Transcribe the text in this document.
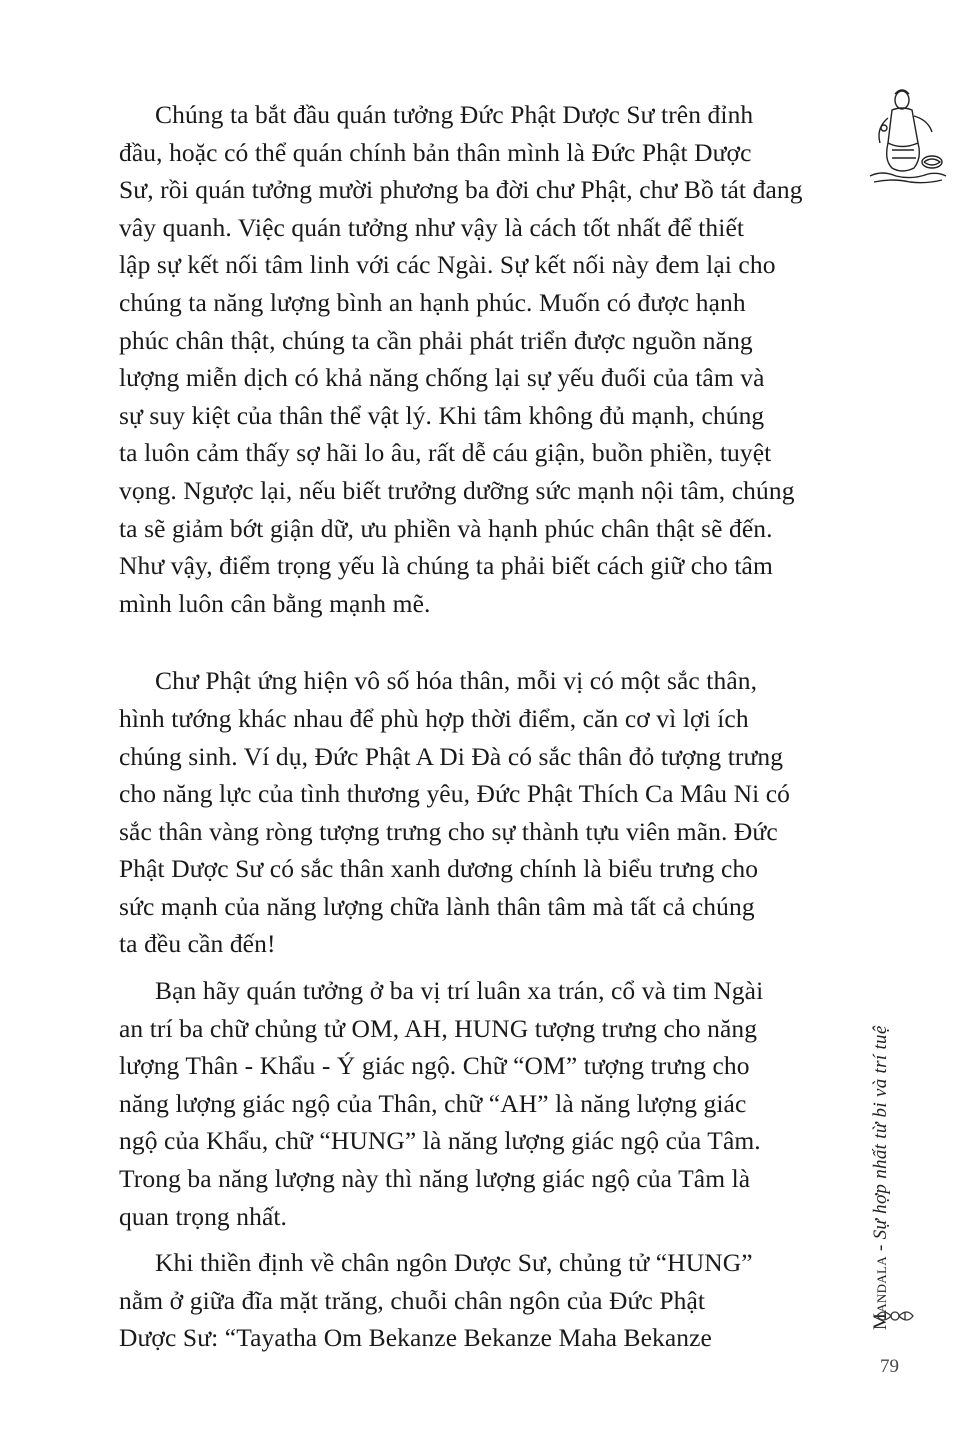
Chúng ta bắt đầu quán tưởng Đức Phật Dược Sư trên đỉnh
đầu, hoặc có thể quán chính bản thân mình là Đức Phật Dược
Sư, rồi quán tưởng mười phương ba đời chư Phật, chư Bồ tát đang
vây quanh. Việc quán tưởng như vậy là cách tốt nhất để thiết
lập sự kết nối tâm linh với các Ngài. Sự kết nối này đem lại cho
chúng ta năng lượng bình an hạnh phúc. Muốn có được hạnh
phúc chân thật, chúng ta cần phải phát triển được nguồn năng
lượng miễn dịch có khả năng chống lại sự yếu đuối của tâm và
sự suy kiệt của thân thể vật lý. Khi tâm không đủ mạnh, chúng
ta luôn cảm thấy sợ hãi lo âu, rất dễ cáu giận, buồn phiền, tuyệt
vọng. Ngược lại, nếu biết trưởng dưỡng sức mạnh nội tâm, chúng
ta sẽ giảm bớt giận dữ, ưu phiền và hạnh phúc chân thật sẽ đến.
Như vậy, điểm trọng yếu là chúng ta phải biết cách giữ cho tâm
mình luôn cân bằng mạnh mẽ.
Chư Phật ứng hiện vô số hóa thân, mỗi vị có một sắc thân,
hình tướng khác nhau để phù hợp thời điểm, căn cơ vì lợi ích
chúng sinh. Ví dụ, Đức Phật A Di Đà có sắc thân đỏ tượng trưng
cho năng lực của tình thương yêu, Đức Phật Thích Ca Mâu Ni có
sắc thân vàng ròng tượng trưng cho sự thành tựu viên mãn. Đức
Phật Dược Sư có sắc thân xanh dương chính là biểu trưng cho
sức mạnh của năng lượng chữa lành thân tâm mà tất cả chúng
ta đều cần đến!
Bạn hãy quán tưởng ở ba vị trí luân xa trán, cổ và tim Ngài
an trí ba chữ chủng tử OM, AH, HUNG tượng trưng cho năng
lượng Thân - Khẩu - Ý giác ngộ. Chữ “OM” tượng trưng cho
năng lượng giác ngộ của Thân, chữ “AH” là năng lượng giác
ngộ của Khẩu, chữ “HUNG” là năng lượng giác ngộ của Tâm.
Trong ba năng lượng này thì năng lượng giác ngộ của Tâm là
quan trọng nhất.
Khi thiền định về chân ngôn Dược Sư, chủng tử “HUNG”
nằm ở giữa đĩa mặt trăng, chuỗi chân ngôn của Đức Phật
Dược Sư: “Tayatha Om Bekanze Bekanze Maha Bekanze
Mandala - Sự hợp nhất từ bi và trí tuệ
79
